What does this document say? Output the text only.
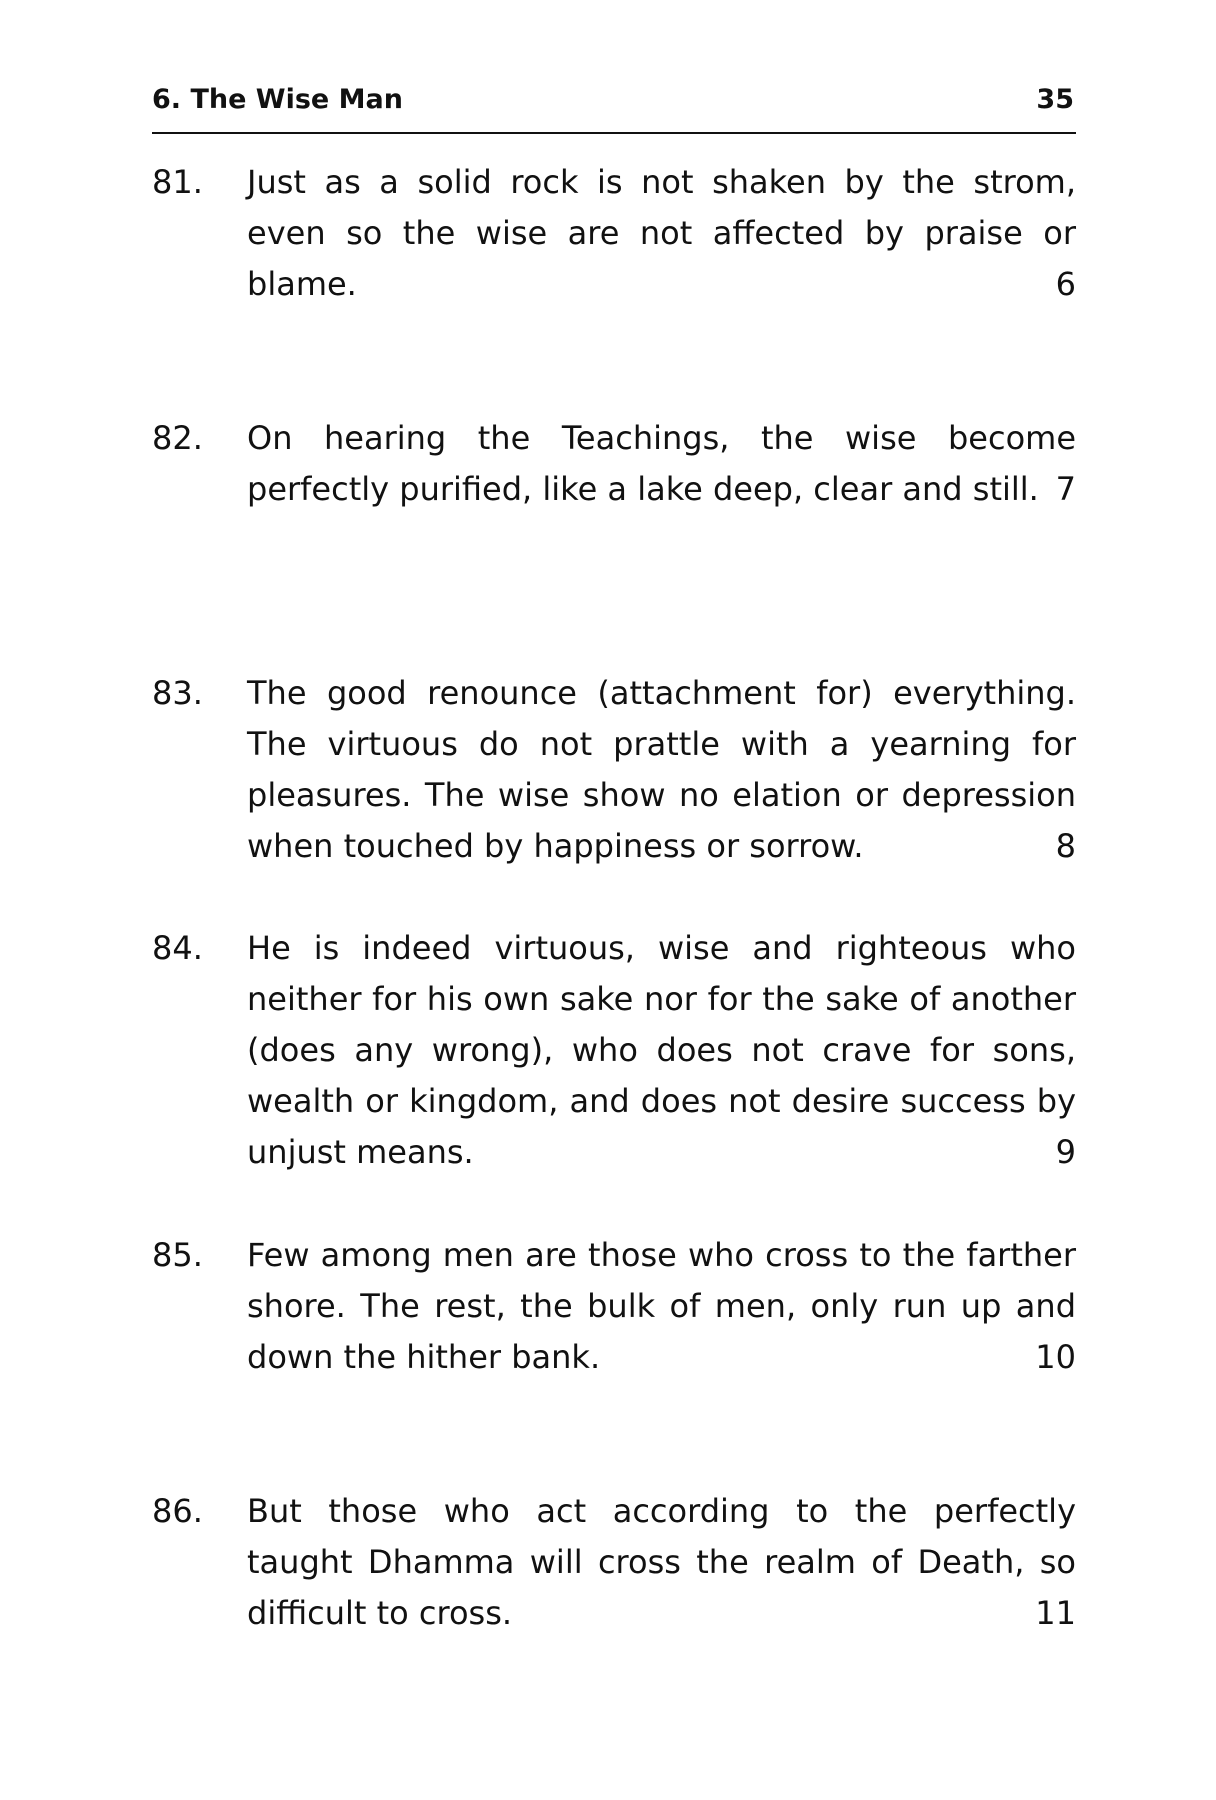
6. The Wise Man	35
81. Just as a solid rock is not shaken by the strom, even so the wise are not affected by praise or blame.	6
82. On hearing the Teachings, the wise become perfectly purified, like a lake deep, clear and still. 7
83. The good renounce (attachment for) everything. The virtuous do not prattle with a yearning for pleasures. The wise show no elation or depression when touched by happiness or sorrow.	8
84. He is indeed virtuous, wise and righteous who neither for his own sake nor for the sake of another (does any wrong), who does not crave for sons, wealth or kingdom, and does not desire success by unjust means.	9
85. Few among men are those who cross to the farther shore. The rest, the bulk of men, only run up and down the hither bank.	10
86. But those who act according to the perfectly taught Dhamma will cross the realm of Death, so difficult to cross.	11
